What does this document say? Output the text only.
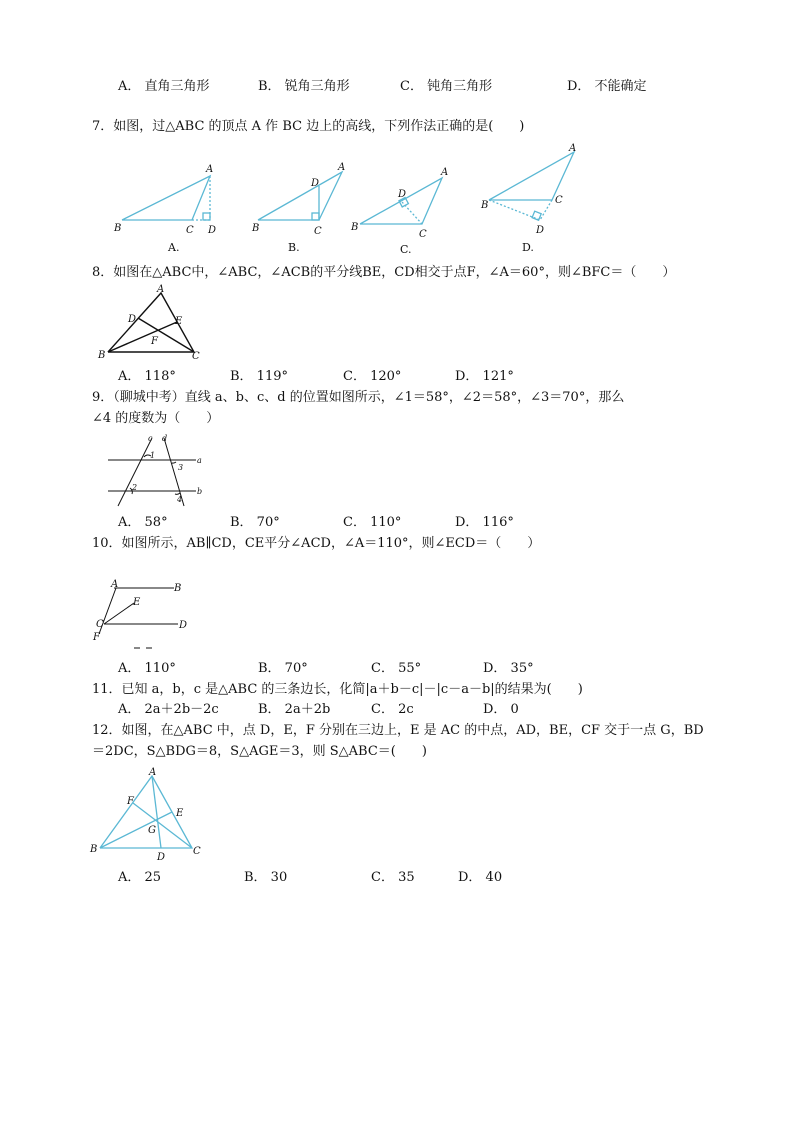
A． 直角三角形	B． 锐角三角形	C． 钝角三角形	D． 不能确定
7．如图，过△ABC 的顶点 A 作 BC 边上的高线，下列作法正确的是(　　)
B	C D
A
A.
B	C
D
A
B.
B
C
D
A
C.
B	C
D
A
D.
8．如图在△ABC中，∠ABC，∠ACB的平分线BE，CD相交于点F，∠A＝60°，则∠BFC＝（　　）
A
B	C
D	E
F
A． 118°	B． 119°	C． 120°	D． 121°
9．（聊城中考）直线 a、b、c、d 的位置如图所示，∠1＝58°，∠2＝58°，∠3＝70°，那么
∠4 的度数为（　　）
c d
a
b
1
2
3
4
A． 58°	B． 70°	C． 110°	D． 116°
10．如图所示，AB∥CD，CE平分∠ACD，∠A＝110°，则∠ECD＝（　　）
A	B
C	D
E
F
A． 110°	B． 70°	C． 55°	D． 35°
11．已知 a，b，c 是△ABC 的三条边长，化简|a＋b－c|－|c－a－b|的结果为(　　)
A． 2a＋2b－2c	B． 2a＋2b	C． 2c	D． 0
12．如图，在△ABC 中，点 D，E，F 分别在三边上，E 是 AC 的中点，AD，BE，CF 交于一点 G，BD
＝2DC，S△BDG＝8，S△AGE＝3，则 S△ABC＝(　　)
A
B	C
D
E
F
G
A． 25	B． 30	C． 35	D． 40
